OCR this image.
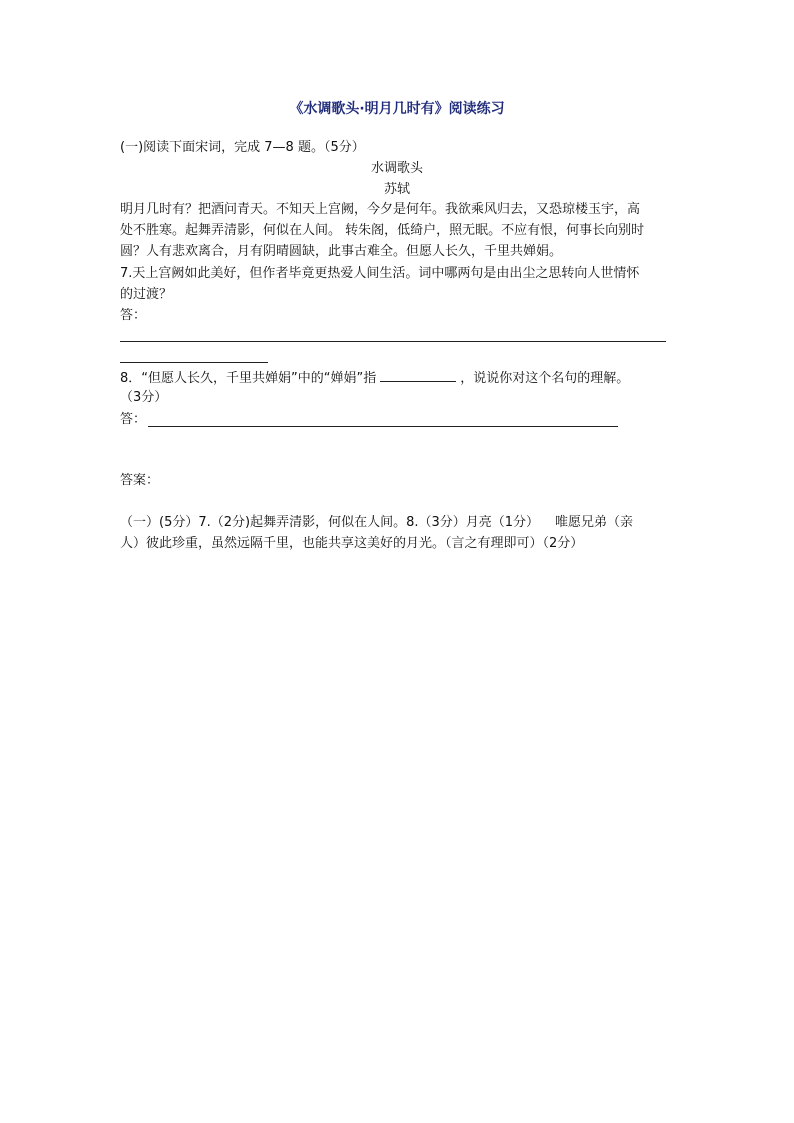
《水调歌头·明月几时有》阅读练习
(一)阅读下面宋词，完成 7—8 题。（5分）
水调歌头
苏轼
明月几时有？把酒问青天。不知天上宫阙，今夕是何年。我欲乘风归去，又恐琼楼玉宇，高
处不胜寒。起舞弄清影，何似在人间。 转朱阁，低绮户，照无眠。不应有恨，何事长向别时
圆？人有悲欢离合，月有阴晴圆缺，此事古难全。但愿人长久，千里共婵娟。
7.天上宫阙如此美好，但作者毕竟更热爱人间生活。词中哪两句是由出尘之思转向人世情怀
的过渡？
答：
8．“但愿人长久，千里共婵娟”中的“婵娟”指	，说说你对这个名句的理解。
（3分）
答：
答案：
（一）(5分）7.（2分)起舞弄清影，何似在人间。8.（3分）月亮（1分） 唯愿兄弟（亲
人）彼此珍重，虽然远隔千里，也能共享这美好的月光。（言之有理即可）（2分）
